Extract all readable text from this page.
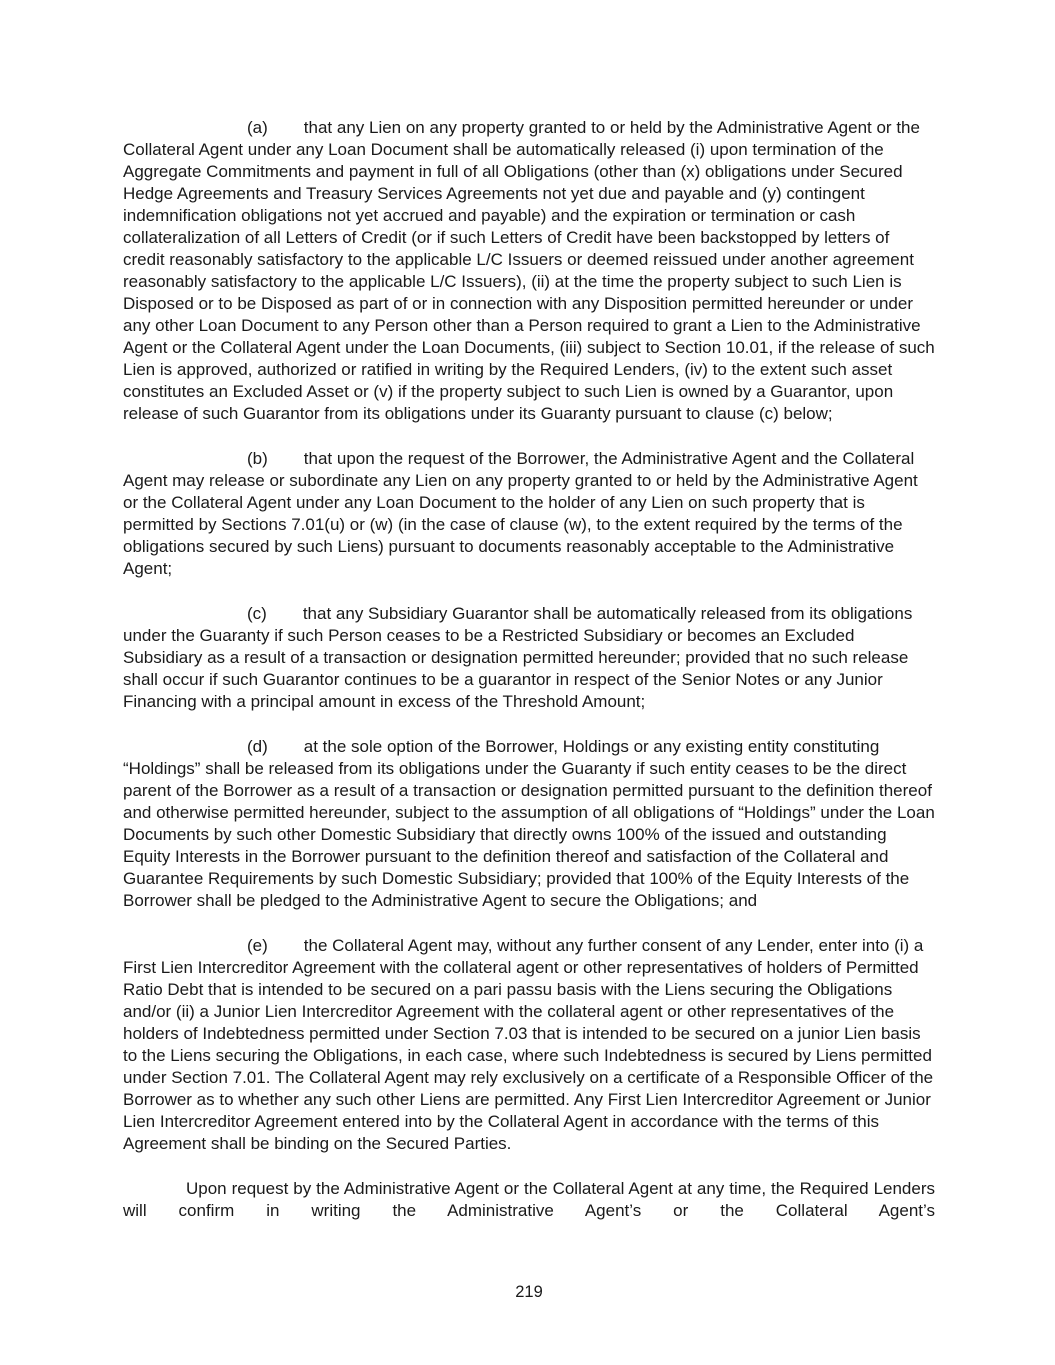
(a) that any Lien on any property granted to or held by the Administrative Agent or the Collateral Agent under any Loan Document shall be automatically released (i) upon termination of the Aggregate Commitments and payment in full of all Obligations (other than (x) obligations under Secured Hedge Agreements and Treasury Services Agreements not yet due and payable and (y) contingent indemnification obligations not yet accrued and payable) and the expiration or termination or cash collateralization of all Letters of Credit (or if such Letters of Credit have been backstopped by letters of credit reasonably satisfactory to the applicable L/C Issuers or deemed reissued under another agreement reasonably satisfactory to the applicable L/C Issuers), (ii) at the time the property subject to such Lien is Disposed or to be Disposed as part of or in connection with any Disposition permitted hereunder or under any other Loan Document to any Person other than a Person required to grant a Lien to the Administrative Agent or the Collateral Agent under the Loan Documents, (iii) subject to Section 10.01, if the release of such Lien is approved, authorized or ratified in writing by the Required Lenders, (iv) to the extent such asset constitutes an Excluded Asset or (v) if the property subject to such Lien is owned by a Guarantor, upon release of such Guarantor from its obligations under its Guaranty pursuant to clause (c) below;

(b) that upon the request of the Borrower, the Administrative Agent and the Collateral Agent may release or subordinate any Lien on any property granted to or held by the Administrative Agent or the Collateral Agent under any Loan Document to the holder of any Lien on such property that is permitted by Sections 7.01(u) or (w) (in the case of clause (w), to the extent required by the terms of the obligations secured by such Liens) pursuant to documents reasonably acceptable to the Administrative Agent;

(c) that any Subsidiary Guarantor shall be automatically released from its obligations under the Guaranty if such Person ceases to be a Restricted Subsidiary or becomes an Excluded Subsidiary as a result of a transaction or designation permitted hereunder; provided that no such release shall occur if such Guarantor continues to be a guarantor in respect of the Senior Notes or any Junior Financing with a principal amount in excess of the Threshold Amount;

(d) at the sole option of the Borrower, Holdings or any existing entity constituting “Holdings” shall be released from its obligations under the Guaranty if such entity ceases to be the direct parent of the Borrower as a result of a transaction or designation permitted pursuant to the definition thereof and otherwise permitted hereunder, subject to the assumption of all obligations of “Holdings” under the Loan Documents by such other Domestic Subsidiary that directly owns 100% of the issued and outstanding Equity Interests in the Borrower pursuant to the definition thereof and satisfaction of the Collateral and Guarantee Requirements by such Domestic Subsidiary; provided that 100% of the Equity Interests of the Borrower shall be pledged to the Administrative Agent to secure the Obligations; and

(e) the Collateral Agent may, without any further consent of any Lender, enter into (i) a First Lien Intercreditor Agreement with the collateral agent or other representatives of holders of Permitted Ratio Debt that is intended to be secured on a pari passu basis with the Liens securing the Obligations and/or (ii) a Junior Lien Intercreditor Agreement with the collateral agent or other representatives of the holders of Indebtedness permitted under Section 7.03 that is intended to be secured on a junior Lien basis to the Liens securing the Obligations, in each case, where such Indebtedness is secured by Liens permitted under Section 7.01. The Collateral Agent may rely exclusively on a certificate of a Responsible Officer of the Borrower as to whether any such other Liens are permitted. Any First Lien Intercreditor Agreement or Junior Lien Intercreditor Agreement entered into by the Collateral Agent in accordance with the terms of this Agreement shall be binding on the Secured Parties.

Upon request by the Administrative Agent or the Collateral Agent at any time, the Required Lenders will confirm in writing the Administrative Agent’s or the Collateral Agent’s

219
